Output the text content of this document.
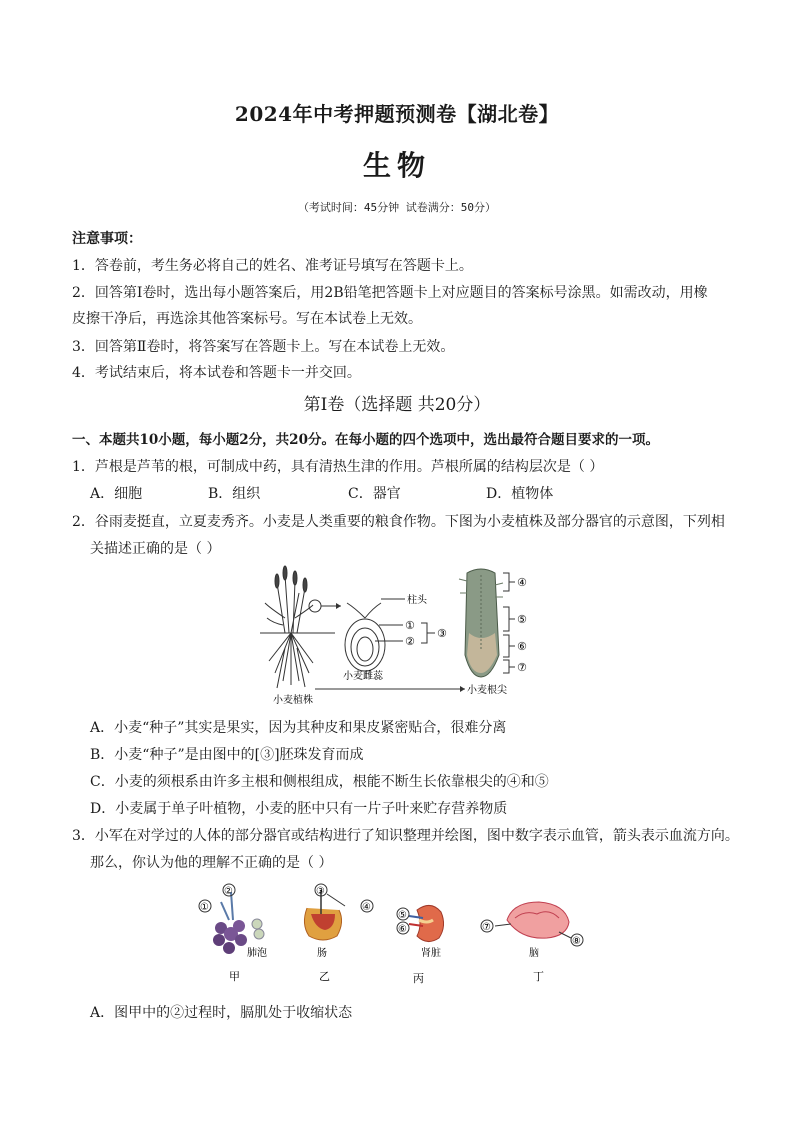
2024年中考押题预测卷【湖北卷】
生物
（考试时间：45分钟 试卷满分：50分）
注意事项：
1．答卷前，考生务必将自己的姓名、准考证号填写在答题卡上。
2．回答第Ⅰ卷时，选出每小题答案后，用2B铅笔把答题卡上对应题目的答案标号涂黑。如需改动，用橡
皮擦干净后，再选涂其他答案标号。写在本试卷上无效。
3．回答第Ⅱ卷时，将答案写在答题卡上。写在本试卷上无效。
4．考试结束后，将本试卷和答题卡一并交回。
第Ⅰ卷（选择题 共20分）
一、本题共10小题，每小题2分，共20分。在每小题的四个选项中，选出最符合题目要求的一项。
1．芦根是芦苇的根，可制成中药，具有清热生津的作用。芦根所属的结构层次是（ ）
A．细胞	B．组织	C．器官	D．植物体
2．谷雨麦挺直，立夏麦秀齐。小麦是人类重要的粮食作物。下图为小麦植株及部分器官的示意图，下列相
关描述正确的是（ ）
柱头
①
②
③
小麦雌蕊
小麦植株
小麦根尖
④
⑤
⑥
⑦
A．小麦“种子”其实是果实，因为其种皮和果皮紧密贴合，很难分离
B．小麦“种子”是由图中的[③]胚珠发育而成
C．小麦的须根系由许多主根和侧根组成，根能不断生长依靠根尖的④和⑤
D．小麦属于单子叶植物，小麦的胚中只有一片子叶来贮存营养物质
3．小军在对学过的人体的部分器官或结构进行了知识整理并绘图，图中数字表示血管，箭头表示血流方向。
那么，你认为他的理解不正确的是（ ）
①
②
肺泡
③
④
肠
⑤
⑥
肾脏
⑦
⑧
脑
甲	乙	丙	丁
A．图甲中的②过程时，膈肌处于收缩状态
